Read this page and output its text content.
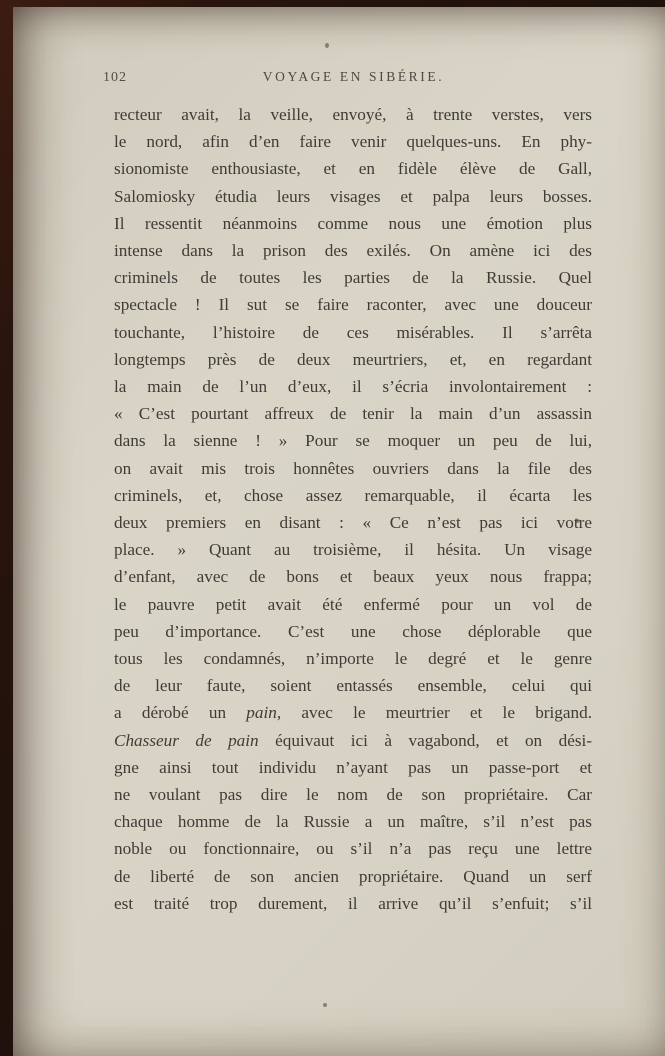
102	VOYAGE EN SIBÉRIE.
recteur avait, la veille, envoyé, à trente verstes, vers
le nord, afin d’en faire venir quelques-uns. En phy-
sionomiste enthousiaste, et en fidèle élève de Gall,
Salomiosky étudia leurs visages et palpa leurs bosses.
Il ressentit néanmoins comme nous une émotion plus
intense dans la prison des exilés. On amène ici des
criminels de toutes les parties de la Russie. Quel
spectacle ! Il sut se faire raconter, avec une douceur
touchante, l’histoire de ces misérables. Il s’arrêta
longtemps près de deux meurtriers, et, en regardant
la main de l’un d’eux, il s’écria involontairement :
« C’est pourtant affreux de tenir la main d’un assassin
dans la sienne ! » Pour se moquer un peu de lui,
on avait mis trois honnêtes ouvriers dans la file des
criminels, et, chose assez remarquable, il écarta les
deux premiers en disant : « Ce n’est pas ici votre
place. » Quant au troisième, il hésita. Un visage
d’enfant, avec de bons et beaux yeux nous frappa;
le pauvre petit avait été enfermé pour un vol de
peu d’importance. C’est une chose déplorable que
tous les condamnés, n’importe le degré et le genre
de leur faute, soient entassés ensemble, celui qui
a dérobé un pain, avec le meurtrier et le brigand.
Chasseur de pain équivaut ici à vagabond, et on dési-
gne ainsi tout individu n’ayant pas un passe-port et
ne voulant pas dire le nom de son propriétaire. Car
chaque homme de la Russie a un maître, s’il n’est pas
noble ou fonctionnaire, ou s’il n’a pas reçu une lettre
de liberté de son ancien propriétaire. Quand un serf
est traité trop durement, il arrive qu’il s’enfuit; s’il
